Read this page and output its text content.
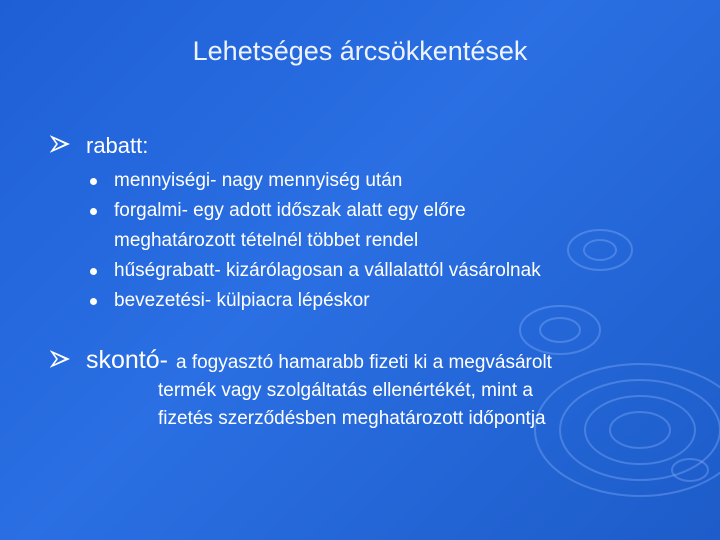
Lehetséges árcsökkentések
rabatt:
mennyiségi- nagy mennyiség után
forgalmi- egy adott időszak alatt egy előre meghatározott tételnél többet rendel
hűségrabatt- kizárólagosan a vállalattól vásárolnak
bevezetési- külpiacra lépéskor
skontó- a fogyasztó hamarabb fizeti ki a megvásárolt
termék vagy szolgáltatás ellenértékét, mint a
fizetés szerződésben meghatározott időpontja
